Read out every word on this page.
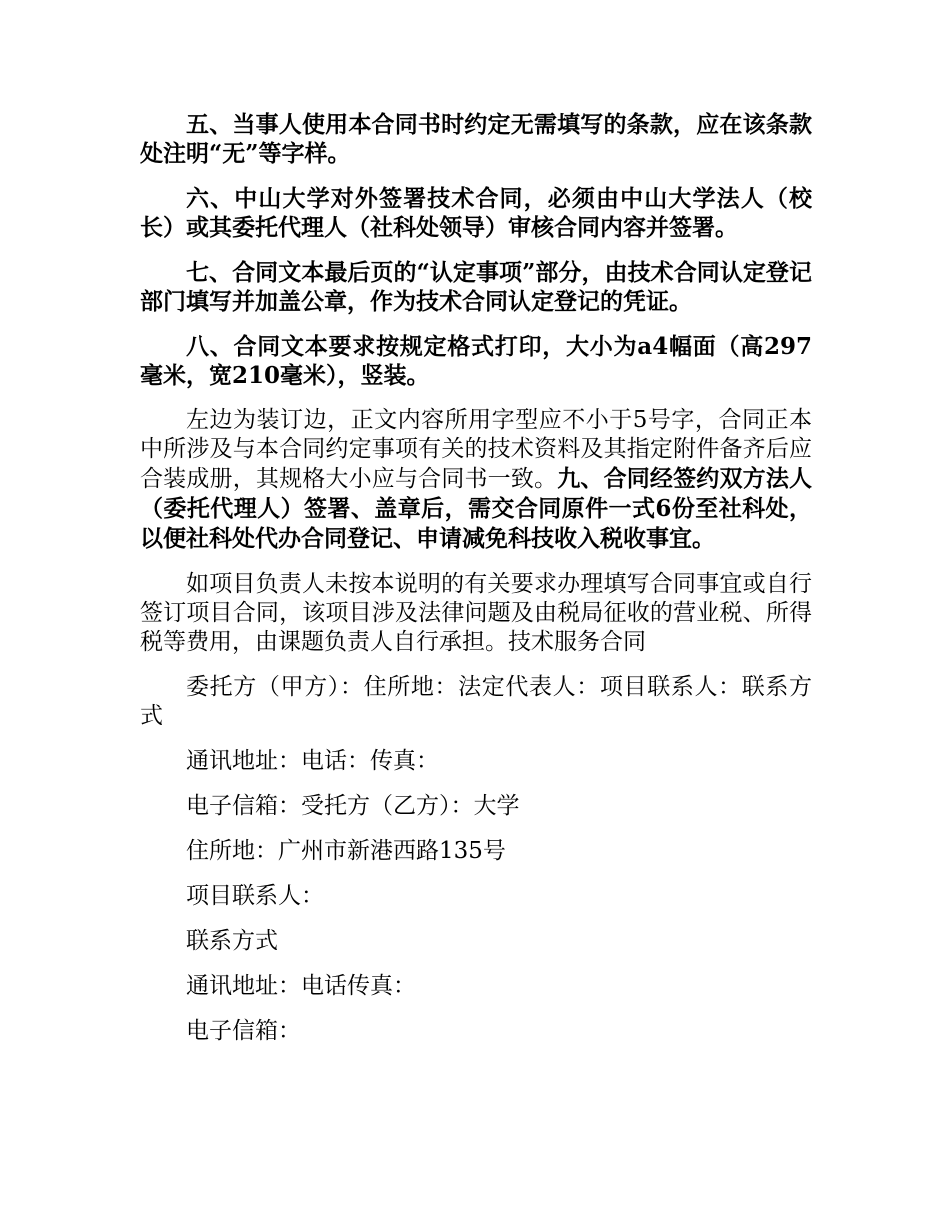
五、当事人使用本合同书时约定无需填写的条款，应在该条款处注明“无”等字样。

六、中山大学对外签署技术合同，必须由中山大学法人（校长）或其委托代理人（社科处领导）审核合同内容并签署。

七、合同文本最后页的“认定事项”部分，由技术合同认定登记部门填写并加盖公章，作为技术合同认定登记的凭证。

八、合同文本要求按规定格式打印，大小为a4幅面（高297毫米，宽210毫米），竖装。

左边为装订边，正文内容所用字型应不小于5号字，合同正本中所涉及与本合同约定事项有关的技术资料及其指定附件备齐后应合装成册，其规格大小应与合同书一致。九、合同经签约双方法人（委托代理人）签署、盖章后，需交合同原件一式6份至社科处，以便社科处代办合同登记、申请减免科技收入税收事宜。

如项目负责人未按本说明的有关要求办理填写合同事宜或自行签订项目合同，该项目涉及法律问题及由税局征收的营业税、所得税等费用，由课题负责人自行承担。技术服务合同

委托方（甲方）：住所地：法定代表人：项目联系人：联系方式

通讯地址：电话：传真：

电子信箱：受托方（乙方）：大学

住所地：广州市新港西路135号

项目联系人：

联系方式

通讯地址：电话传真：

电子信箱：
